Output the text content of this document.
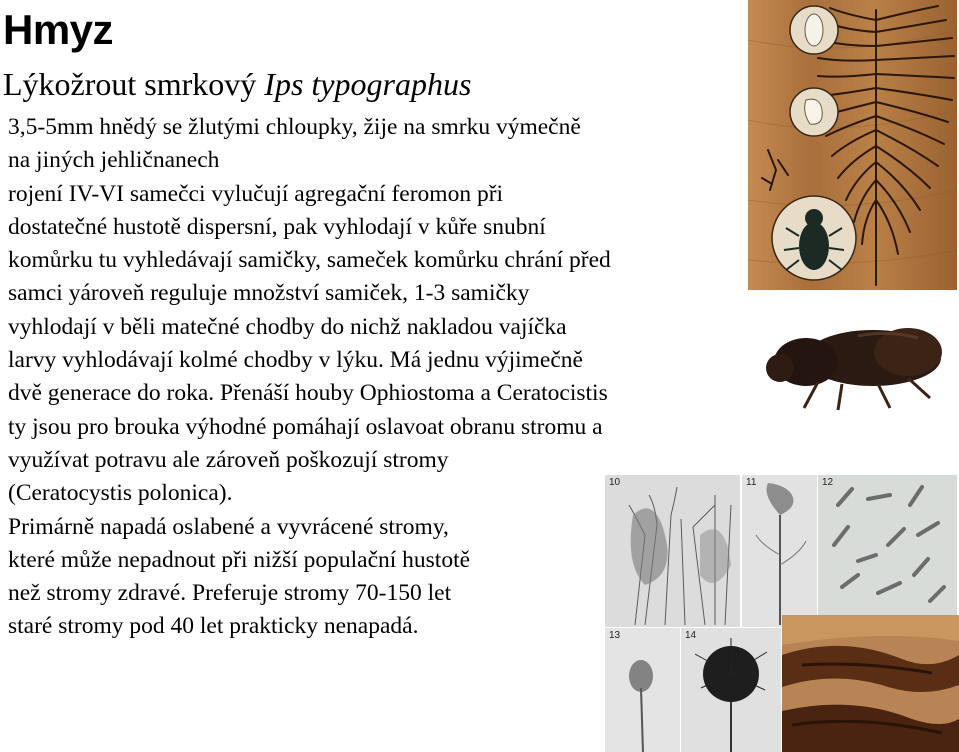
Hmyz
Lýkožrout smrkový Ips typographus
3,5-5mm hnědý se žlutými chloupky, žije na smrku výmečně
na jiných jehličnanech
rojení IV-VI samečci vylučují agregační feromon při
dostatečné hustotě dispersní, pak vyhlodají v kůře snubní
komůrku tu vyhledávají samičky, sameček komůrku chrání před
samci yároveň reguluje množství samiček, 1-3 samičky
vyhlodají v běli matečné chodby do nichž nakladou vajíčka
larvy vyhlodávají kolmé chodby v lýku. Má jednu výjimečně
dvě generace do roka. Přenáší houby Ophiostoma a Ceratocistis
ty jsou pro brouka výhodné pomáhají oslavoat obranu stromu a
využívat potravu ale zároveň poškozují stromy
(Ceratocystis polonica).
Primárně napadá oslabené a vyvrácené stromy,
které může nepadnout při nižší populační hustotě
než stromy zdravé. Preferuje stromy 70-150 let
staré stromy pod 40 let prakticky nenapadá.
10	11	12
13	14
